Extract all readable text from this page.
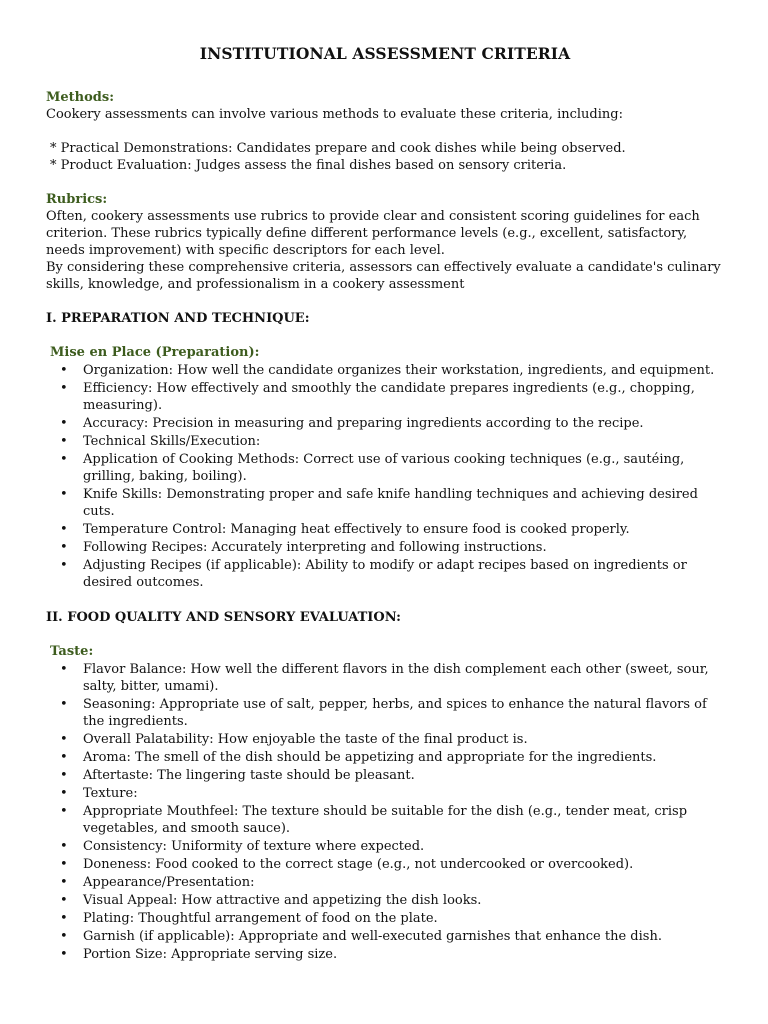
INSTITUTIONAL ASSESSMENT CRITERIA

Methods:

Cookery assessments can involve various methods to evaluate these criteria, including:

* Practical Demonstrations: Candidates prepare and cook dishes while being observed.
* Product Evaluation: Judges assess the final dishes based on sensory criteria.

Rubrics:

Often, cookery assessments use rubrics to provide clear and consistent scoring guidelines for each criterion. These rubrics typically define different performance levels (e.g., excellent, satisfactory, needs improvement) with specific descriptors for each level.

By considering these comprehensive criteria, assessors can effectively evaluate a candidate's culinary skills, knowledge, and professionalism in a cookery assessment

I. PREPARATION AND TECHNIQUE:

Mise en Place (Preparation):

• Organization: How well the candidate organizes their workstation, ingredients, and equipment.
• Efficiency: How effectively and smoothly the candidate prepares ingredients (e.g., chopping, measuring).
• Accuracy: Precision in measuring and preparing ingredients according to the recipe.
• Technical Skills/Execution:
• Application of Cooking Methods: Correct use of various cooking techniques (e.g., sautéing, grilling, baking, boiling).
• Knife Skills: Demonstrating proper and safe knife handling techniques and achieving desired cuts.
• Temperature Control: Managing heat effectively to ensure food is cooked properly.
• Following Recipes: Accurately interpreting and following instructions.
• Adjusting Recipes (if applicable): Ability to modify or adapt recipes based on ingredients or desired outcomes.

II. FOOD QUALITY AND SENSORY EVALUATION:

Taste:

• Flavor Balance: How well the different flavors in the dish complement each other (sweet, sour, salty, bitter, umami).
• Seasoning: Appropriate use of salt, pepper, herbs, and spices to enhance the natural flavors of the ingredients.
• Overall Palatability: How enjoyable the taste of the final product is.
• Aroma: The smell of the dish should be appetizing and appropriate for the ingredients.
• Aftertaste: The lingering taste should be pleasant.
• Texture:
• Appropriate Mouthfeel: The texture should be suitable for the dish (e.g., tender meat, crisp vegetables, and smooth sauce).
• Consistency: Uniformity of texture where expected.
• Doneness: Food cooked to the correct stage (e.g., not undercooked or overcooked).
• Appearance/Presentation:
• Visual Appeal: How attractive and appetizing the dish looks.
• Plating: Thoughtful arrangement of food on the plate.
• Garnish (if applicable): Appropriate and well-executed garnishes that enhance the dish.
• Portion Size: Appropriate serving size.
